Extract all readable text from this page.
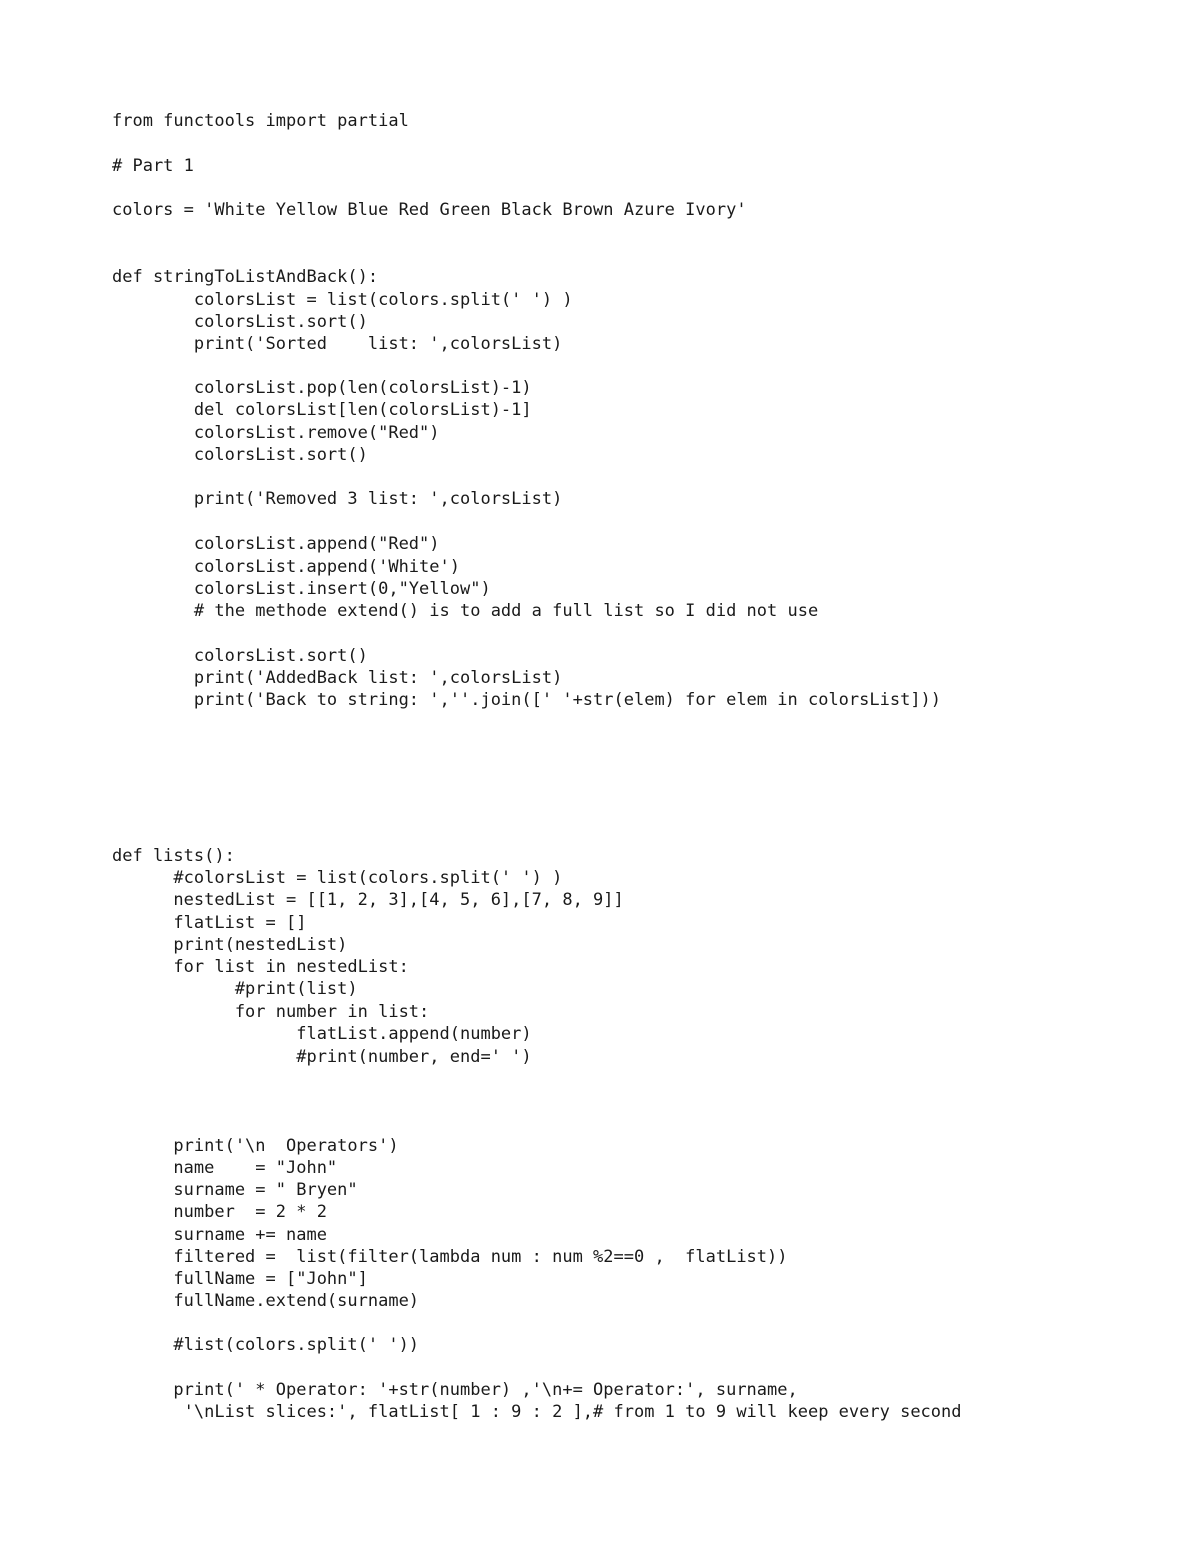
from functools import partial
# Part 1
colors = 'White Yellow Blue Red Green Black Brown Azure Ivory'
def stringToListAndBack():
colorsList = list(colors.split(' ') )
colorsList.sort()
print('Sorted    list: ',colorsList)
colorsList.pop(len(colorsList)-1)
del colorsList[len(colorsList)-1]
colorsList.remove("Red")
colorsList.sort()
print('Removed 3 list: ',colorsList)
colorsList.append("Red")
colorsList.append('White')
colorsList.insert(0,"Yellow")
# the methode extend() is to add a full list so I did not use
colorsList.sort()
print('AddedBack list: ',colorsList)
print('Back to string: ',''.join([' '+str(elem) for elem in colorsList]))
def lists():
#colorsList = list(colors.split(' ') )
nestedList = [[1, 2, 3],[4, 5, 6],[7, 8, 9]]
flatList = []
print(nestedList)
for list in nestedList:
#print(list)
for number in list:
flatList.append(number)
#print(number, end=' ')
print('\n  Operators')
name    = "John"
surname = " Bryen"
number  = 2 * 2
surname += name
filtered =  list(filter(lambda num : num %2==0 ,  flatList))
fullName = ["John"]
fullName.extend(surname)
#list(colors.split(' '))
print(' * Operator: '+str(number) ,'\n+= Operator:', surname,
'\nList slices:', flatList[ 1 : 9 : 2 ],# from 1 to 9 will keep every second
